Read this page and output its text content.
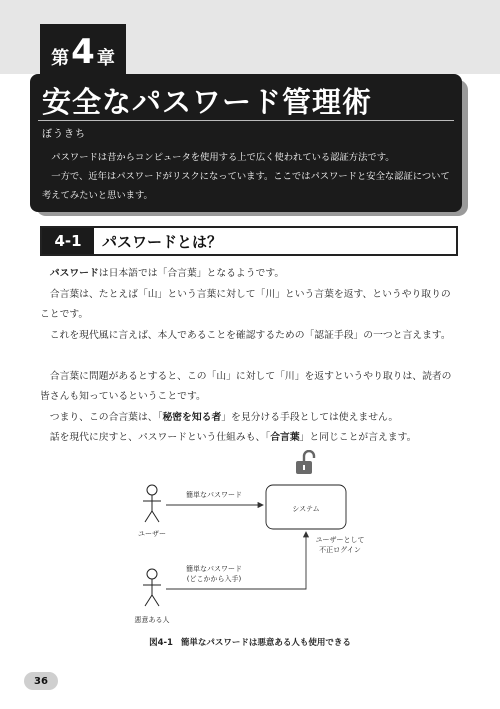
第 4 章
安全なパスワード管理術
ぼうきち

パスワードは昔からコンピュータを使用する上で広く使われている認証方法です。

一方で、近年はパスワードがリスクになっています。ここではパスワードと安全な認証について考えてみたいと思います。

4-1	パスワードとは？

パスワードは日本語では「合言葉」となるようです。

合言葉は、たとえば「山」という言葉に対して「川」という言葉を返す、というやり取りのことです。

これを現代風に言えば、本人であることを確認するための「認証手段」の一つと言えます。

合言葉に問題があるとすると、この「山」に対して「川」を返すというやり取りは、読者の皆さんも知っているということです。

つまり、この合言葉は、「秘密を知る者」を見分ける手段としては使えません。

話を現代に戻すと、パスワードという仕組みも、「合言葉」と同じことが言えます。

ユーザー
簡単なパスワード
システム
悪意ある人
簡単なパスワード
(どこかから入手)
ユーザーとして
不正ログイン
図4-1 簡単なパスワードは悪意ある人も使用できる
36
